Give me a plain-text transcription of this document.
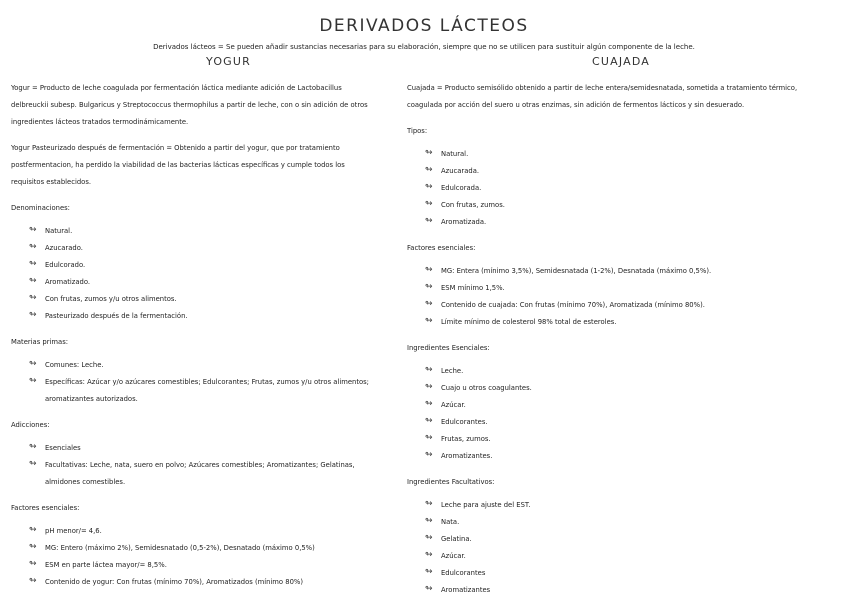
DERIVADOS LÁCTEOS
Derivados lácteos = Se pueden añadir sustancias necesarias para su elaboración, siempre que no se utilicen para sustituir algún componente de la leche.
YOGUR	CUAJADA

Yogur = Producto de leche coagulada por fermentación láctica mediante adición de Lactobacillus

delbreuckii subesp. Bulgaricus y Streptococcus thermophilus a partir de leche, con o sin adición de otros

ingredientes lácteos tratados termodinámicamente.

Yogur Pasteurizado después de fermentación = Obtenido a partir del yogur, que por tratamiento

postfermentacion, ha perdido la viabilidad de las bacterias lácticas específicas y cumple todos los

requisitos establecidos.

Denominaciones:

↬ Natural.
↬ Azucarado.
↬ Edulcorado.
↬ Aromatizado.
↬ Con frutas, zumos y/u otros alimentos.
↬ Pasteurizado después de la fermentación.

Materias primas:

↬ Comunes: Leche.
↬ Específicas: Azúcar y/o azúcares comestibles; Edulcorantes; Frutas, zumos y/u otros alimentos;
aromatizantes autorizados.

Adicciones:

↬ Esenciales
↬ Facultativas: Leche, nata, suero en polvo; Azúcares comestibles; Aromatizantes; Gelatinas,
almidones comestibles.

Factores esenciales:

↬ pH menor/= 4,6.
↬ MG: Entero (máximo 2%), Semidesnatado (0,5-2%), Desnatado (máximo 0,5%)
↬ ESM en parte láctea mayor/= 8,5%.
↬ Contenido de yogur: Con frutas (mínimo 70%), Aromatizados (mínimo 80%)

Cuajada = Producto semisólido obtenido a partir de leche entera/semidesnatada, sometida a tratamiento térmico,

coagulada por acción del suero u otras enzimas, sin adición de fermentos lácticos y sin desuerado.

Tipos:

↬ Natural.
↬ Azucarada.
↬ Edulcorada.
↬ Con frutas, zumos.
↬ Aromatizada.

Factores esenciales:

↬ MG: Entera (mínimo 3,5%), Semidesnatada (1-2%), Desnatada (máximo 0,5%).
↬ ESM mínimo 1,5%.
↬ Contenido de cuajada: Con frutas (mínimo 70%), Aromatizada (mínimo 80%).
↬ Límite mínimo de colesterol 98% total de esteroles.

Ingredientes Esenciales:

↬ Leche.
↬ Cuajo u otros coagulantes.
↬ Azúcar.
↬ Edulcorantes.
↬ Frutas, zumos.
↬ Aromatizantes.

Ingredientes Facultativos:

↬ Leche para ajuste del EST.
↬ Nata.
↬ Gelatina.
↬ Azúcar.
↬ Edulcorantes
↬ Aromatizantes
